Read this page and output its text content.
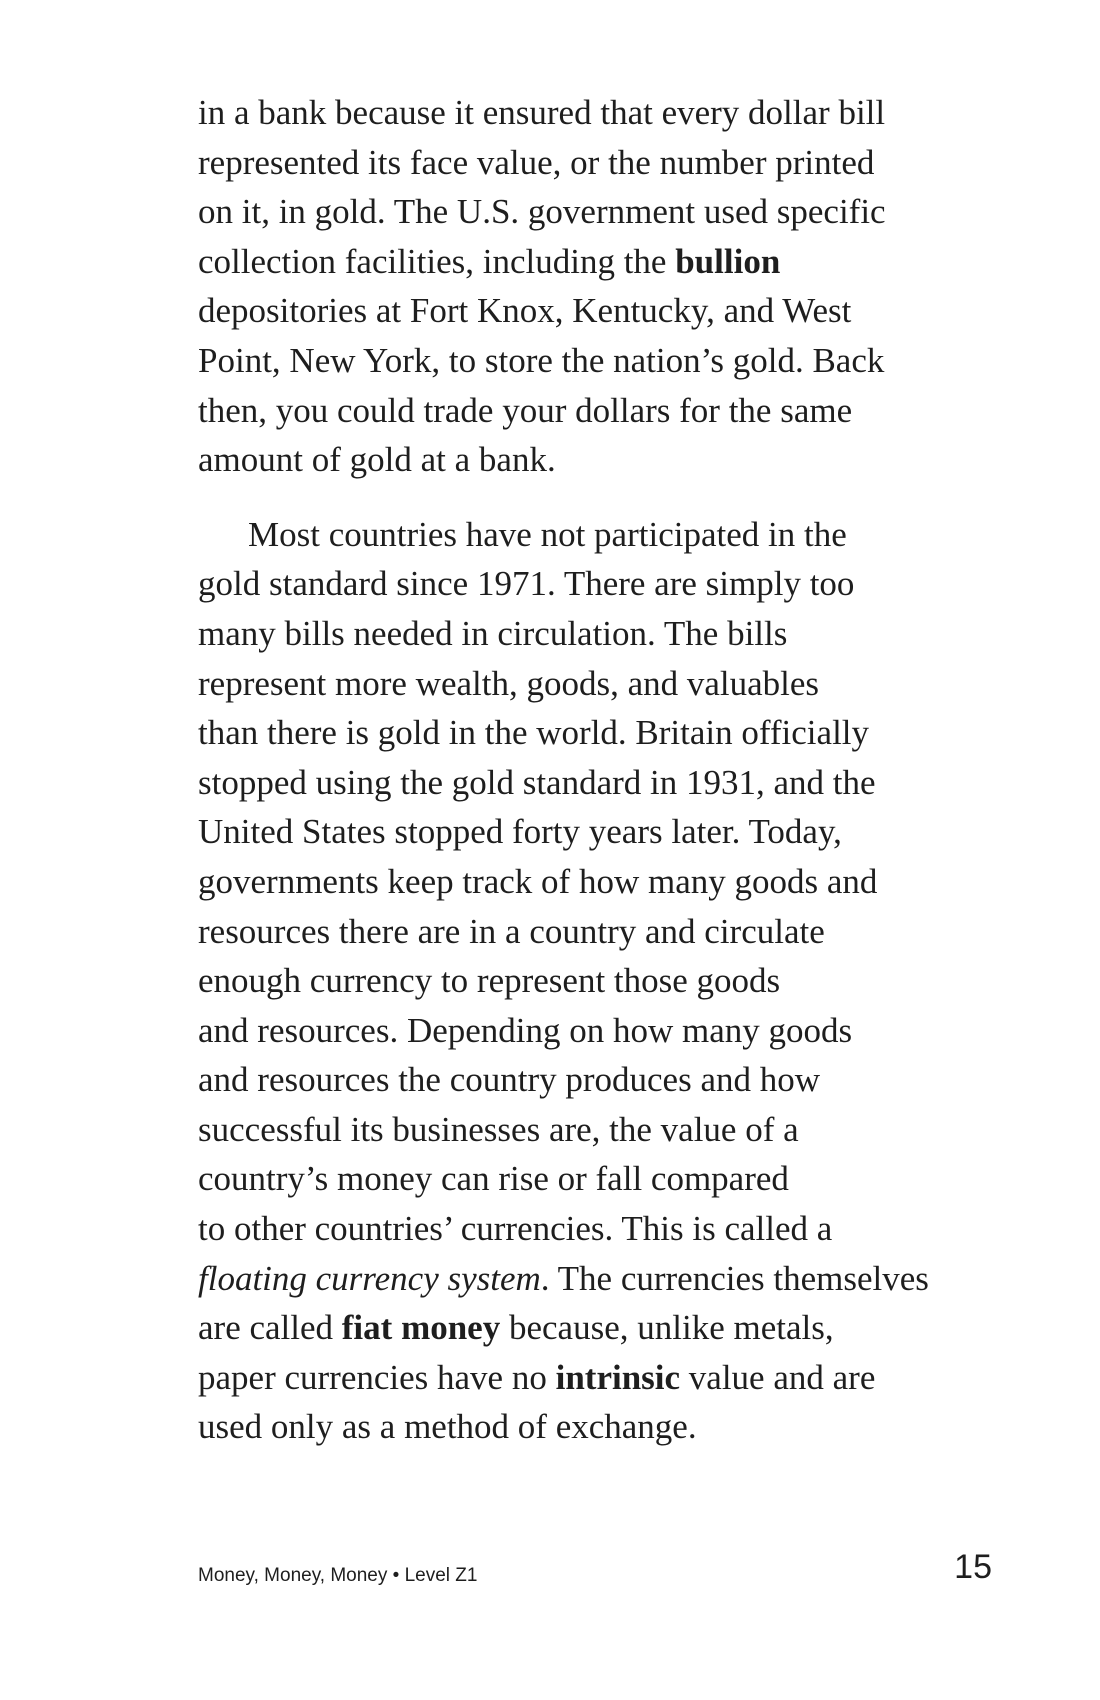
in a bank because it ensured that every dollar bill
represented its face value, or the number printed
on it, in gold. The U.S. government used specific
collection facilities, including the bullion
depositories at Fort Knox, Kentucky, and West
Point, New York, to store the nation’s gold. Back
then, you could trade your dollars for the same
amount of gold at a bank.
Most countries have not participated in the
gold standard since 1971. There are simply too
many bills needed in circulation. The bills
represent more wealth, goods, and valuables
than there is gold in the world. Britain officially
stopped using the gold standard in 1931, and the
United States stopped forty years later. Today,
governments keep track of how many goods and
resources there are in a country and circulate
enough currency to represent those goods
and resources. Depending on how many goods
and resources the country produces and how
successful its businesses are, the value of a
country’s money can rise or fall compared
to other countries’ currencies. This is called a
floating currency system. The currencies themselves
are called fiat money because, unlike metals,
paper currencies have no intrinsic value and are
used only as a method of exchange.
Money, Money, Money • Level Z1	15
